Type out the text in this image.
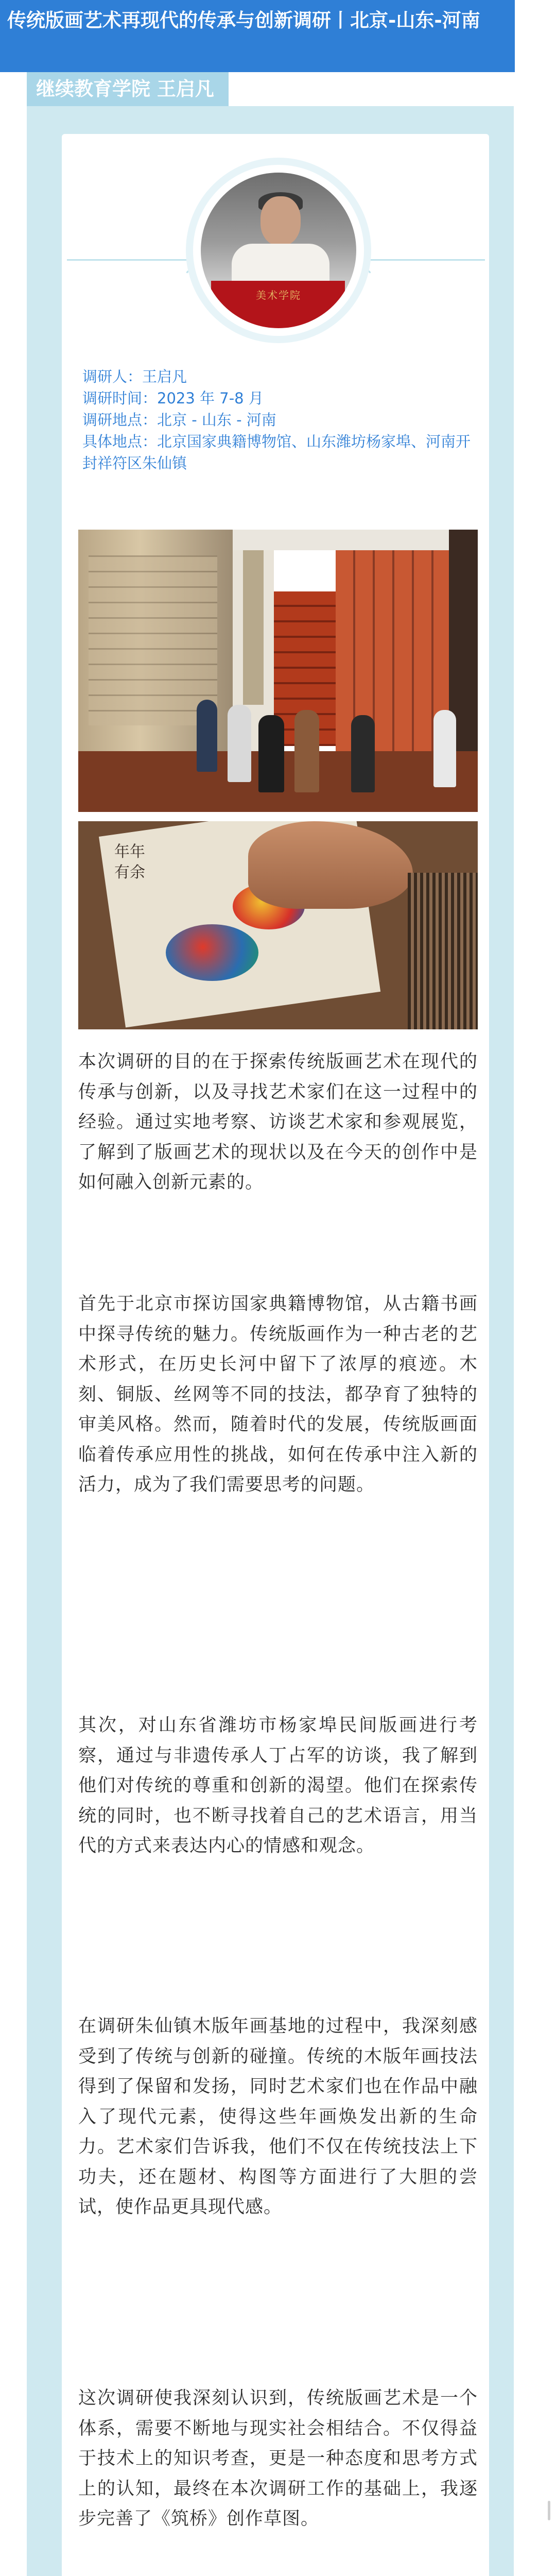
传统版画艺术再现代的传承与创新调研丨北京-山东-河南
继续教育学院 王启凡
美术学院

调研人：王启凡

调研时间：2023 年 7-8 月

调研地点：北京 - 山东 - 河南

具体地点：北京国家典籍博物馆、山东潍坊杨家埠、河南开封祥符区朱仙镇

年年
有余
本次调研的目的在于探索传统版画艺术在现代的传承与创新，以及寻找艺术家们在这一过程中的经验。通过实地考察、访谈艺术家和参观展览，了解到了版画艺术的现状以及在今天的创作中是如何融入创新元素的。
首先于北京市探访国家典籍博物馆，从古籍书画中探寻传统的魅力。传统版画作为一种古老的艺术形式，在历史长河中留下了浓厚的痕迹。木刻、铜版、丝网等不同的技法，都孕育了独特的审美风格。然而，随着时代的发展，传统版画面临着传承应用性的挑战，如何在传承中注入新的活力，成为了我们需要思考的问题。
其次，对山东省潍坊市杨家埠民间版画进行考察，通过与非遗传承人丁占军的访谈，我了解到他们对传统的尊重和创新的渴望。他们在探索传统的同时，也不断寻找着自己的艺术语言，用当代的方式来表达内心的情感和观念。
在调研朱仙镇木版年画基地的过程中，我深刻感受到了传统与创新的碰撞。传统的木版年画技法得到了保留和发扬，同时艺术家们也在作品中融入了现代元素，使得这些年画焕发出新的生命力。艺术家们告诉我，他们不仅在传统技法上下功夫，还在题材、构图等方面进行了大胆的尝试，使作品更具现代感。
这次调研使我深刻认识到，传统版画艺术是一个体系，需要不断地与现实社会相结合。不仅得益于技术上的知识考查，更是一种态度和思考方式上的认知，最终在本次调研工作的基础上，我逐步完善了《筑桥》创作草图。
